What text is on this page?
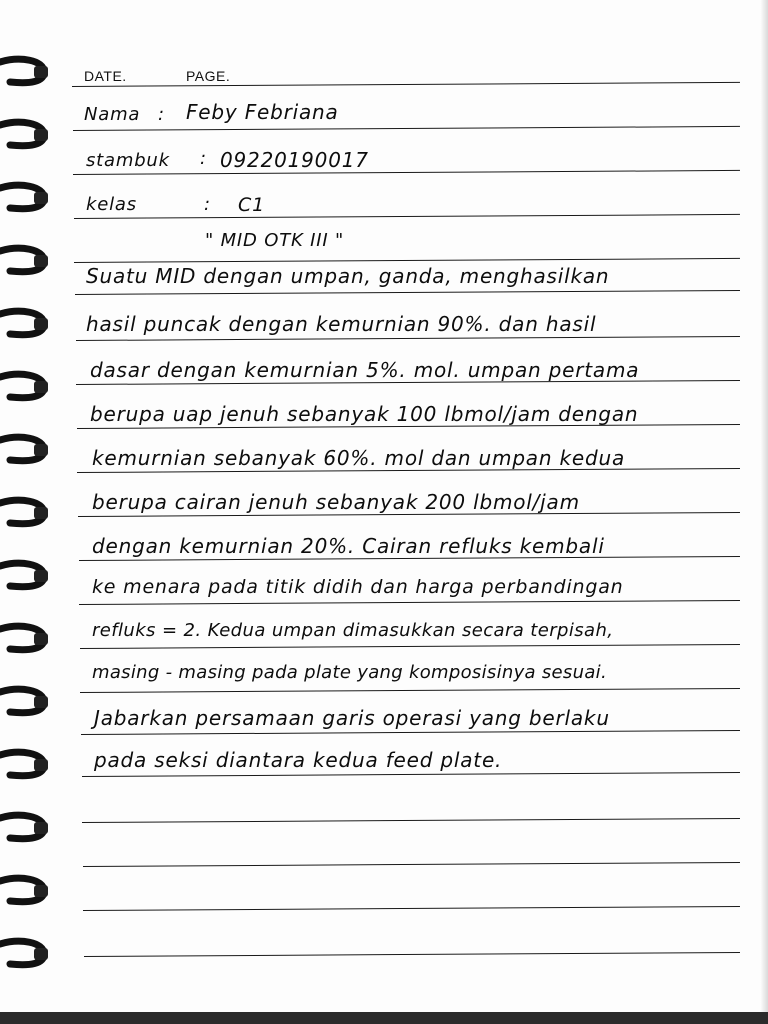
DATE.	PAGE.
Nama : Feby Febriana
stambuk : 09220190017
kelas	: C1
" MID OTK III "
Suatu MID dengan umpan, ganda, menghasilkan
hasil puncak dengan kemurnian 90%. dan hasil
dasar dengan kemurnian 5%. mol. umpan pertama
berupa uap jenuh sebanyak 100 lbmol/jam dengan
kemurnian sebanyak 60%. mol dan umpan kedua
berupa cairan jenuh sebanyak 200 lbmol/jam
dengan kemurnian 20%. Cairan refluks kembali
ke menara pada titik didih dan harga perbandingan
refluks = 2. Kedua umpan dimasukkan secara terpisah,
masing - masing pada plate yang komposisinya sesuai.
Jabarkan persamaan garis operasi yang berlaku
pada seksi diantara kedua feed plate.
